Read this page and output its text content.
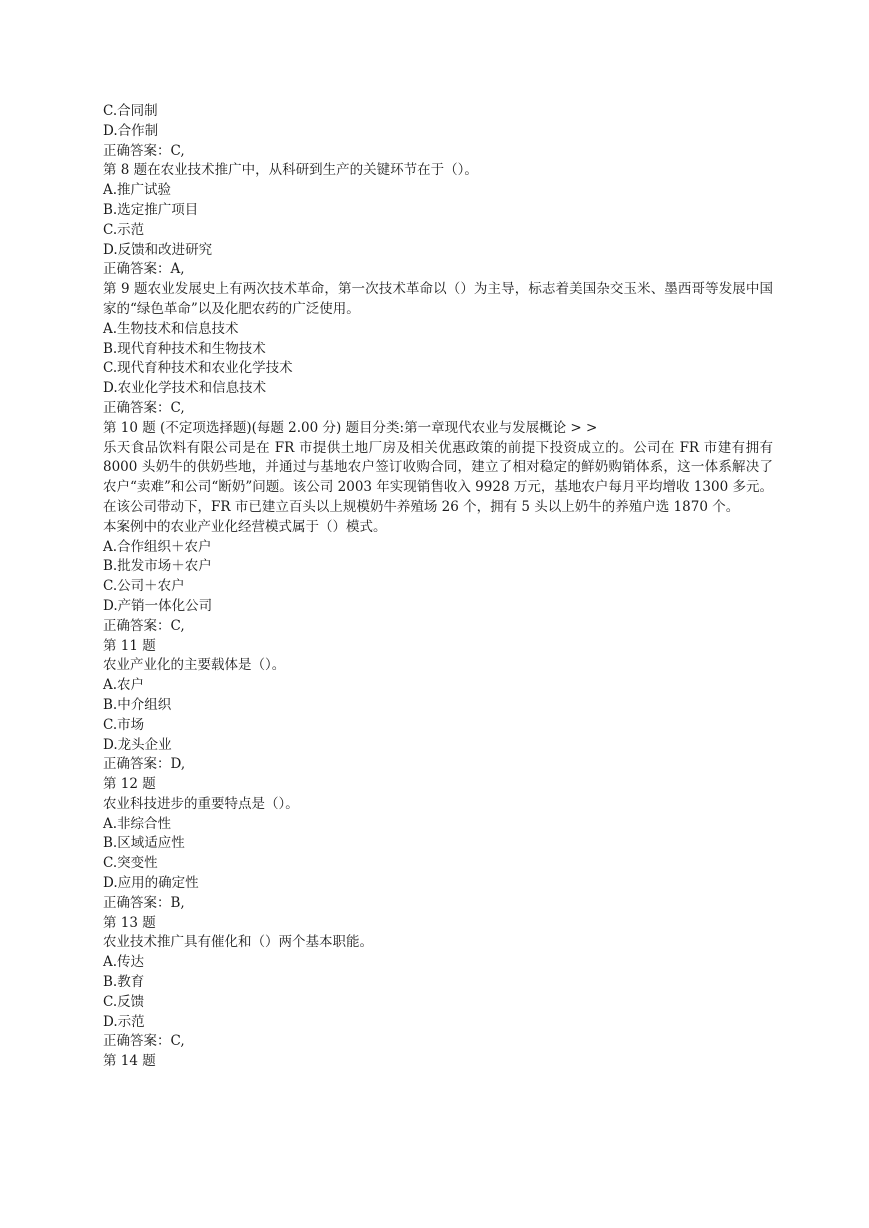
C.合同制
D.合作制
正确答案：C,
第 8 题在农业技术推广中，从科研到生产的关键环节在于（）。
A.推广试验
B.选定推广项目
C.示范
D.反馈和改进研究
正确答案：A,

第 9 题农业发展史上有两次技术革命，第一次技术革命以（）为主导，标志着美国杂交玉米、墨西哥等发展中国家的“绿色革命”以及化肥农药的广泛使用。

A.生物技术和信息技术
B.现代育种技术和生物技术
C.现代育种技术和农业化学技术
D.农业化学技术和信息技术
正确答案：C,

第 10 题 (不定项选择题)(每题 2.00 分) 题目分类:第一章现代农业与发展概论 > >

乐天食品饮料有限公司是在 FR 市提供土地厂房及相关优惠政策的前提下投资成立的。公司在 FR 市建有拥有 8000 头奶牛的供奶些地，并通过与基地农户签订收购合同，建立了相对稳定的鲜奶购销体系，这一体系解决了农户“卖难”和公司“断奶”问题。该公司 2003 年实现销售收入 9928 万元，基地农户每月平均增收 1300 多元。在该公司带动下，FR 市已建立百头以上规模奶牛养殖场 26 个，拥有 5 头以上奶牛的养殖户选 1870 个。

本案例中的农业产业化经营模式属于（）模式。
A.合作组织＋农户
B.批发市场＋农户
C.公司＋农户
D.产销一体化公司
正确答案：C,
第 11 题
农业产业化的主要载体是（）。
A.农户
B.中介组织
C.市场
D.龙头企业
正确答案：D,
第 12 题
农业科技进步的重要特点是（）。
A.非综合性
B.区域适应性
C.突变性
D.应用的确定性
正确答案：B,
第 13 题
农业技术推广具有催化和（）两个基本职能。
A.传达
B.教育
C.反馈
D.示范
正确答案：C,
第 14 题
